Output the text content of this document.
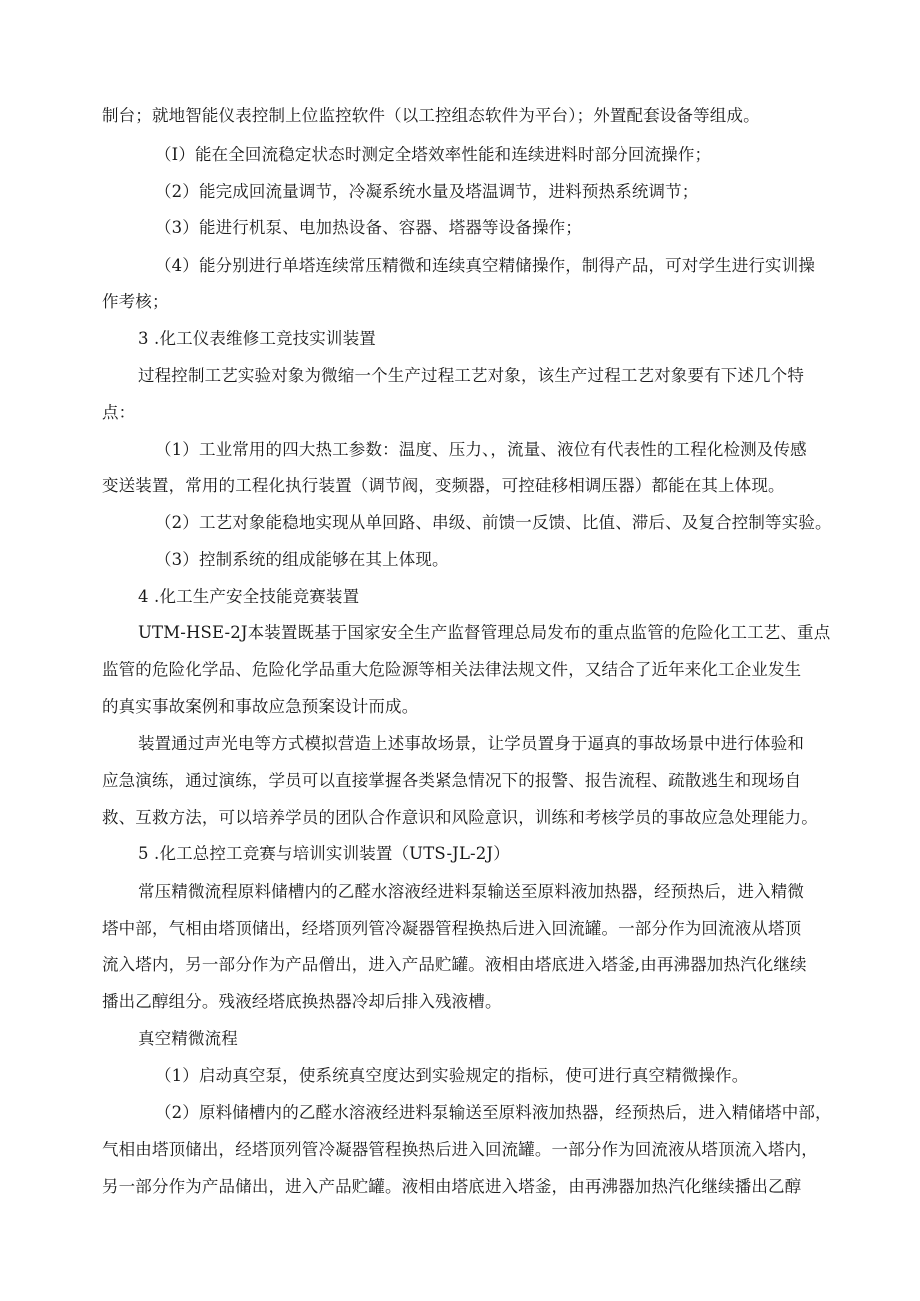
制台；就地智能仪表控制上位监控软件（以工控组态软件为平台）；外置配套设备等组成。
（I）能在全回流稳定状态时测定全塔效率性能和连续进料时部分回流操作；
（2）能完成回流量调节，冷凝系统水量及塔温调节，进料预热系统调节；
（3）能进行机泵、电加热设备、容器、塔器等设备操作；
（4）能分别进行单塔连续常压精微和连续真空精储操作，制得产品，可对学生进行实训操
作考核；
3 .化工仪表维修工竞技实训装置
过程控制工艺实验对象为微缩一个生产过程工艺对象，该生产过程工艺对象要有下述几个特
点：
（1）工业常用的四大热工参数：温度、压力、，流量、液位有代表性的工程化检测及传感
变送装置，常用的工程化执行装置（调节阀，变频器，可控硅移相调压器）都能在其上体现。
（2）工艺对象能稳地实现从单回路、串级、前馈一反馈、比值、滞后、及复合控制等实验。
（3）控制系统的组成能够在其上体现。
4 .化工生产安全技能竞赛装置
UTM-HSE-2J本装置既基于国家安全生产监督管理总局发布的重点监管的危险化工工艺、重点
监管的危险化学品、危险化学品重大危险源等相关法律法规文件，又结合了近年来化工企业发生
的真实事故案例和事故应急预案设计而成。
装置通过声光电等方式模拟营造上述事故场景，让学员置身于逼真的事故场景中进行体验和
应急演练，通过演练，学员可以直接掌握各类紧急情况下的报警、报告流程、疏散逃生和现场自
救、互救方法，可以培养学员的团队合作意识和风险意识，训练和考核学员的事故应急处理能力。
5 .化工总控工竞赛与培训实训装置（UTS-JL-2J）
常压精微流程原料储槽内的乙醛水溶液经进料泵输送至原料液加热器，经预热后，进入精微
塔中部，气相由塔顶储出，经塔顶列管冷凝器管程换热后进入回流罐。一部分作为回流液从塔顶
流入塔内，另一部分作为产品僧出，进入产品贮罐。液相由塔底进入塔釜,由再沸器加热汽化继续
播出乙醇组分。残液经塔底换热器冷却后排入残液槽。
真空精微流程
（1）启动真空泵，使系统真空度达到实验规定的指标，使可进行真空精微操作。
（2）原料储槽内的乙醛水溶液经进料泵输送至原料液加热器，经预热后，进入精储塔中部，
气相由塔顶储出，经塔顶列管冷凝器管程换热后进入回流罐。一部分作为回流液从塔顶流入塔内，
另一部分作为产品储出，进入产品贮罐。液相由塔底进入塔釜，由再沸器加热汽化继续播出乙醇
